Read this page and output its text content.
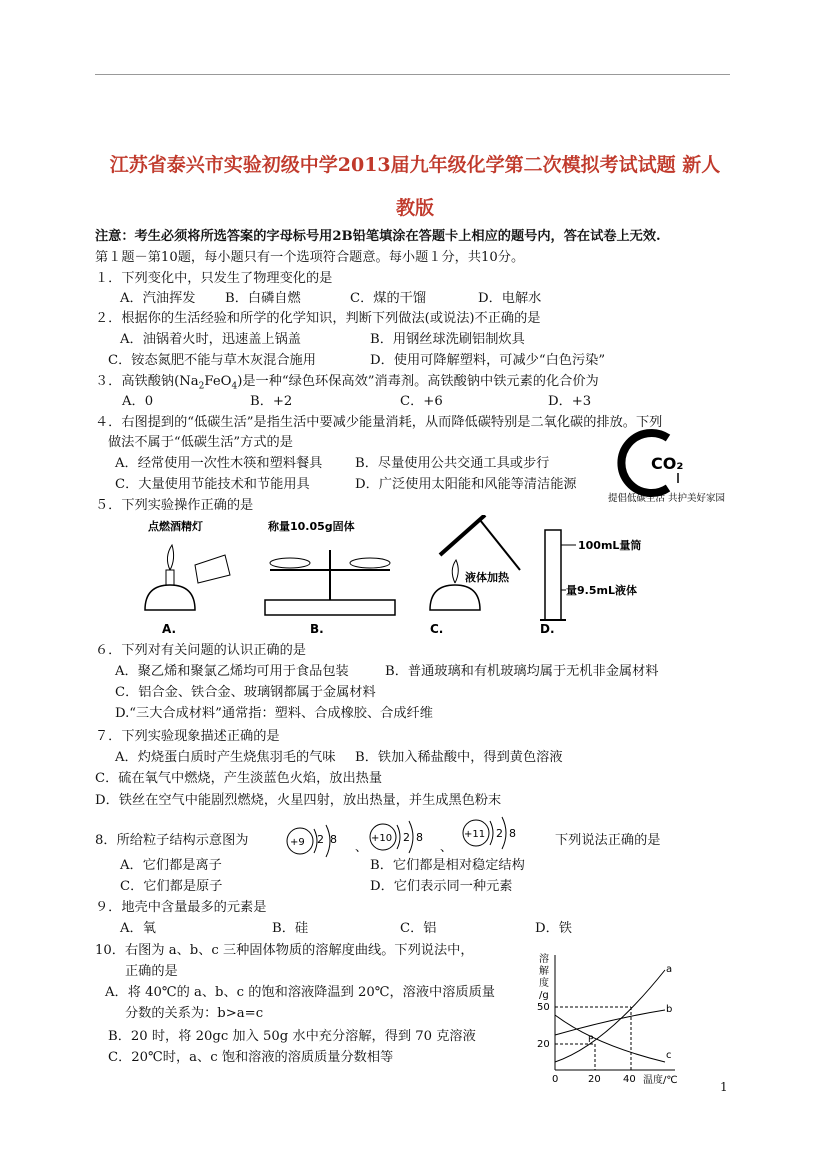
江苏省泰兴市实验初级中学2013届九年级化学第二次模拟考试试题 新人
教版
注意：考生必须将所选答案的字母标号用2B铅笔填涂在答题卡上相应的题号内，答在试卷上无效.
第１题－第10题，每小题只有一个选项符合题意。每小题１分，共10分。
１．下列变化中，只发生了物理变化的是
A．汽油挥发 B．白磷自燃	C．煤的干馏	D．电解水
２．根据你的生活经验和所学的化学知识，判断下列做法(或说法)不正确的是
A．油锅着火时，迅速盖上锅盖	B．用钢丝球洗刷铝制炊具
C．铵态氮肥不能与草木灰混合施用	D．使用可降解塑料，可减少“白色污染”
３．高铁酸钠$(Na_2FeO_4)$是一种“绿色环保高效”消毒剂。高铁酸钠中铁元素的化合价为
A．0	B．+2	C．+6	D．+3
４．右图提到的“低碳生活”是指生活中要减少能量消耗，从而降低碳特别是二氧化碳的排放。下列
做法不属于“低碳生活”方式的是
A．经常使用一次性木筷和塑料餐具 B．尽量使用公共交通工具或步行
C．大量使用节能技术和节能用具	D．广泛使用太阳能和风能等清洁能源
CO₂
提倡低碳生活 共护美好家园
５．下列实验操作正确的是
点燃酒精灯
A.
称量10.05g固体
B.
液体加热
C.
100mL量筒
量9.5mL液体
D.
６．下列对有关问题的认识正确的是
A．聚乙烯和聚氯乙烯均可用于食品包装	B．普通玻璃和有机玻璃均属于无机非金属材料
C．铝合金、铁合金、玻璃钢都属于金属材料
D.“三大合成材料”通常指：塑料、合成橡胶、合成纤维
７．下列实验现象描述正确的是
A．灼烧蛋白质时产生烧焦羽毛的气味 B．铁加入稀盐酸中，得到黄色溶液
C．硫在氧气中燃烧，产生淡蓝色火焰，放出热量
D．铁丝在空气中能剧烈燃烧，火星四射，放出热量，并生成黑色粉末
8．所给粒子结构示意图为	+9 2 8
、
+10 2 8
、
+11 2 8	下列说法正确的是
A．它们都是离子	B．它们都是相对稳定结构
C．它们都是原子	D．它们表示同一种元素
９．地壳中含量最多的元素是
A．氧	B．硅	C．铝	D．铁
10．右图为 a、b、c 三种固体物质的溶解度曲线。下列说法中，
正确的是
A．将 40℃的 a、b、c 的饱和溶液降温到 20℃，溶液中溶质质量
分数的关系为：b>a=c
B．20 时，将 20gc 加入 50g 水中充分溶解，得到 70 克溶液
C．20℃时，a、c 饱和溶液的溶质质量分数相等
溶
解
度
/g
50
20
0	20 40 温度/℃
a
b
c
P
1
